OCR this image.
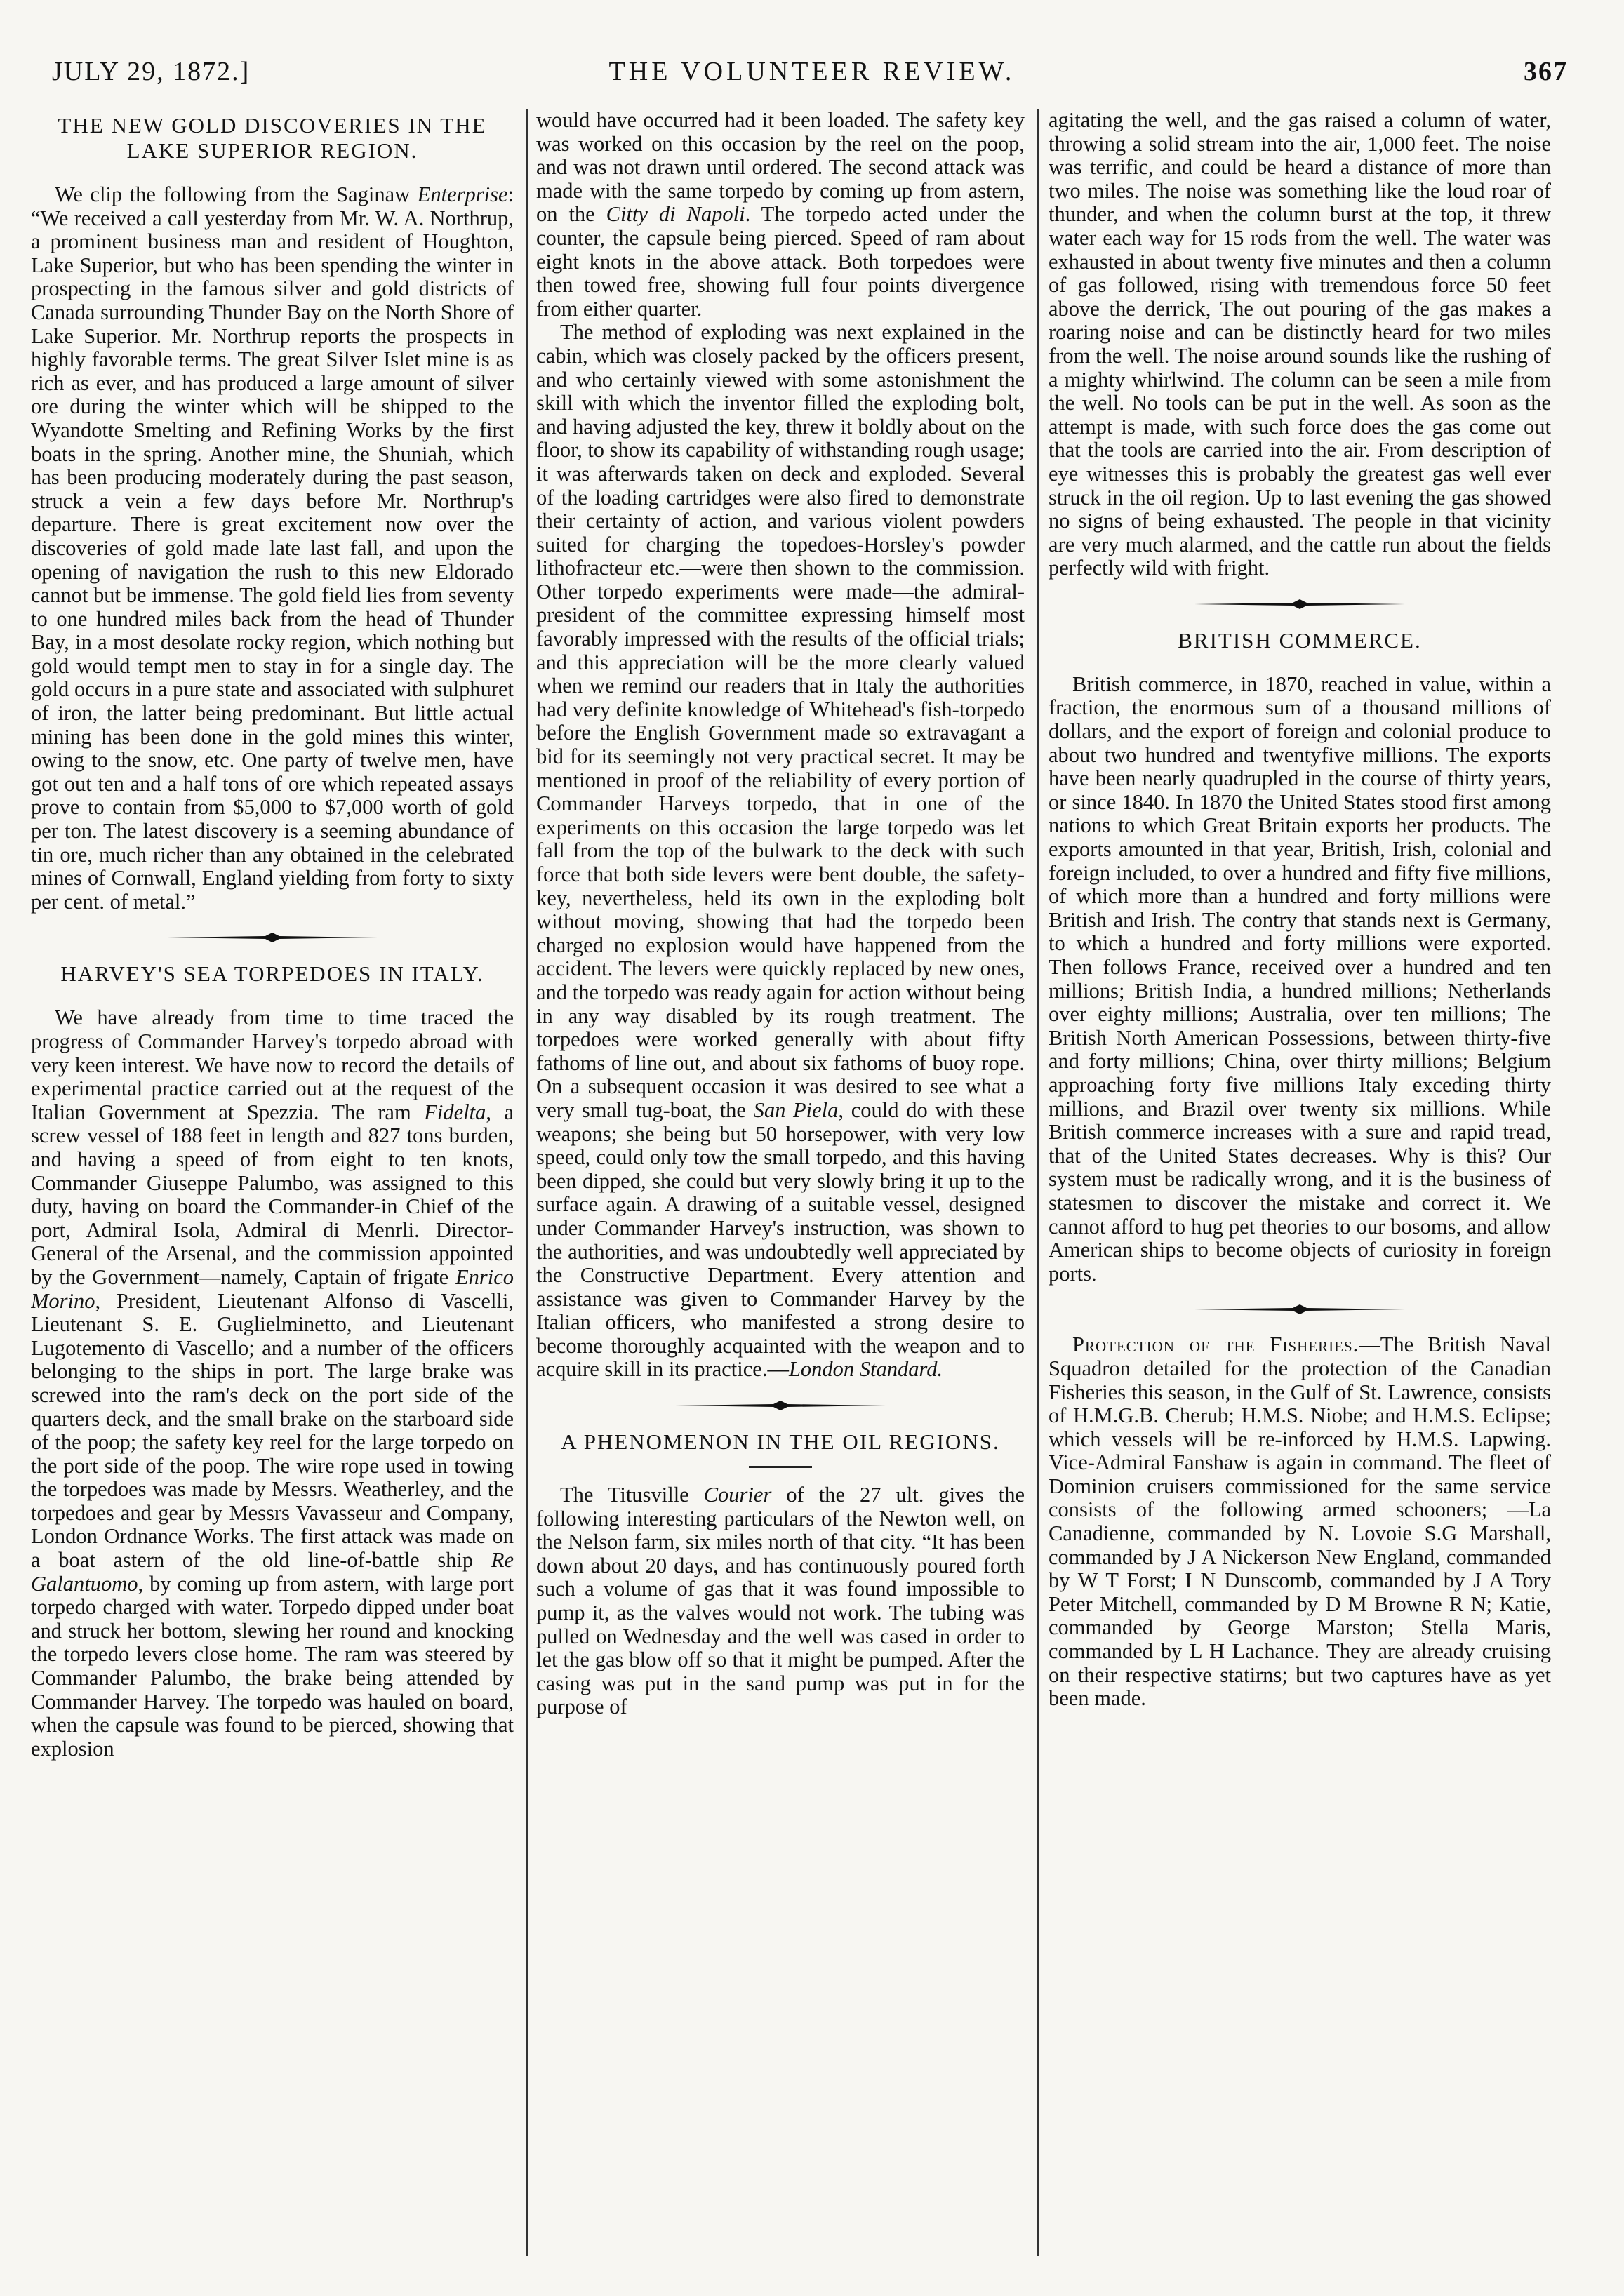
JULY 29, 1872.]	THE VOLUNTEER REVIEW.	367
THE NEW GOLD DISCOVERIES IN THE LAKE SUPERIOR REGION.

We clip the following from the Saginaw Enterprise: “We received a call yesterday from Mr. W. A. Northrup, a prominent business man and resident of Houghton, Lake Superior, but who has been spending the winter in prospecting in the famous silver and gold districts of Canada surrounding Thunder Bay on the North Shore of Lake Superior. Mr. Northrup reports the prospects in highly favorable terms. The great Silver Islet mine is as rich as ever, and has produced a large amount of silver ore during the winter which will be shipped to the Wyandotte Smelting and Refining Works by the first boats in the spring. Another mine, the Shuniah, which has been producing moderately during the past season, struck a vein a few days before Mr. Northrup's departure. There is great excitement now over the discoveries of gold made late last fall, and upon the opening of navigation the rush to this new Eldorado cannot but be immense. The gold field lies from seventy to one hundred miles back from the head of Thunder Bay, in a most desolate rocky region, which nothing but gold would tempt men to stay in for a single day. The gold occurs in a pure state and associated with sulphuret of iron, the latter being predominant. But little actual mining has been done in the gold mines this winter, owing to the snow, etc. One party of twelve men, have got out ten and a half tons of ore which repeated assays prove to contain from $5,000 to $7,000 worth of gold per ton. The latest discovery is a seeming abundance of tin ore, much richer than any obtained in the celebrated mines of Cornwall, England yielding from forty to sixty per cent. of metal.”

HARVEY'S SEA TORPEDOES IN ITALY.

We have already from time to time traced the progress of Commander Harvey's torpedo abroad with very keen interest. We have now to record the details of experimental practice carried out at the request of the Italian Government at Spezzia. The ram Fidelta, a screw vessel of 188 feet in length and 827 tons burden, and having a speed of from eight to ten knots, Commander Giuseppe Palumbo, was assigned to this duty, having on board the Commander-in Chief of the port, Admiral Isola, Admiral di Menrli. Director-General of the Arsenal, and the commission appointed by the Government—namely, Captain of frigate Enrico Morino, President, Lieutenant Alfonso di Vascelli, Lieutenant S. E. Guglielminetto, and Lieutenant Lugotemento di Vascello; and a number of the officers belonging to the ships in port. The large brake was screwed into the ram's deck on the port side of the quarters deck, and the small brake on the starboard side of the poop; the safety key reel for the large torpedo on the port side of the poop. The wire rope used in towing the torpedoes was made by Messrs. Weatherley, and the torpedoes and gear by Messrs Vavasseur and Company, London Ordnance Works. The first attack was made on a boat astern of the old line-of-battle ship Re Galantuomo, by coming up from astern, with large port torpedo charged with water. Torpedo dipped under boat and struck her bottom, slewing her round and knocking the torpedo levers close home. The ram was steered by Commander Palumbo, the brake being attended by Commander Harvey. The torpedo was hauled on board, when the capsule was found to be pierced, showing that explosion

would have occurred had it been loaded. The safety key was worked on this occasion by the reel on the poop, and was not drawn until ordered. The second attack was made with the same torpedo by coming up from astern, on the Citty di Napoli. The torpedo acted under the counter, the capsule being pierced. Speed of ram about eight knots in the above attack. Both torpedoes were then towed free, showing full four points divergence from either quarter.

The method of exploding was next explained in the cabin, which was closely packed by the officers present, and who certainly viewed with some astonishment the skill with which the inventor filled the exploding bolt, and having adjusted the key, threw it boldly about on the floor, to show its capability of withstanding rough usage; it was afterwards taken on deck and exploded. Several of the loading cartridges were also fired to demonstrate their certainty of action, and various violent powders suited for charging the topedoes-Horsley's powder lithofracteur etc.—were then shown to the commission. Other torpedo experiments were made—the admiral-president of the committee expressing himself most favorably impressed with the results of the official trials; and this appreciation will be the more clearly valued when we remind our readers that in Italy the authorities had very definite knowledge of Whitehead's fish-torpedo before the English Government made so extravagant a bid for its seemingly not very practical secret. It may be mentioned in proof of the reliability of every portion of Commander Harveys torpedo, that in one of the experiments on this occasion the large torpedo was let fall from the top of the bulwark to the deck with such force that both side levers were bent double, the safety-key, nevertheless, held its own in the exploding bolt without moving, showing that had the torpedo been charged no explosion would have happened from the accident. The levers were quickly replaced by new ones, and the torpedo was ready again for action without being in any way disabled by its rough treatment. The torpedoes were worked generally with about fifty fathoms of line out, and about six fathoms of buoy rope. On a subsequent occasion it was desired to see what a very small tug-boat, the San Piela, could do with these weapons; she being but 50 horsepower, with very low speed, could only tow the small torpedo, and this having been dipped, she could but very slowly bring it up to the surface again. A drawing of a suitable vessel, designed under Commander Harvey's instruction, was shown to the authorities, and was undoubtedly well appreciated by the Constructive Department. Every attention and assistance was given to Commander Harvey by the Italian officers, who manifested a strong desire to become thoroughly acquainted with the weapon and to acquire skill in its practice.—London Standard.

A PHENOMENON IN THE OIL REGIONS.

The Titusville Courier of the 27 ult. gives the following interesting particulars of the Newton well, on the Nelson farm, six miles north of that city. “It has been down about 20 days, and has continuously poured forth such a volume of gas that it was found impossible to pump it, as the valves would not work. The tubing was pulled on Wednesday and the well was cased in order to let the gas blow off so that it might be pumped. After the casing was put in the sand pump was put in for the purpose of

agitating the well, and the gas raised a column of water, throwing a solid stream into the air, 1,000 feet. The noise was terrific, and could be heard a distance of more than two miles. The noise was something like the loud roar of thunder, and when the column burst at the top, it threw water each way for 15 rods from the well. The water was exhausted in about twenty five minutes and then a column of gas followed, rising with tremendous force 50 feet above the derrick, The out pouring of the gas makes a roaring noise and can be distinctly heard for two miles from the well. The noise around sounds like the rushing of a mighty whirlwind. The column can be seen a mile from the well. No tools can be put in the well. As soon as the attempt is made, with such force does the gas come out that the tools are carried into the air. From description of eye witnesses this is probably the greatest gas well ever struck in the oil region. Up to last evening the gas showed no signs of being exhausted. The people in that vicinity are very much alarmed, and the cattle run about the fields perfectly wild with fright.

BRITISH COMMERCE.

British commerce, in 1870, reached in value, within a fraction, the enormous sum of a thousand millions of dollars, and the export of foreign and colonial produce to about two hundred and twentyfive millions. The exports have been nearly quadrupled in the course of thirty years, or since 1840. In 1870 the United States stood first among nations to which Great Britain exports her products. The exports amounted in that year, British, Irish, colonial and foreign included, to over a hundred and fifty five millions, of which more than a hundred and forty millions were British and Irish. The contry that stands next is Germany, to which a hundred and forty millions were exported. Then follows France, received over a hundred and ten millions; British India, a hundred millions; Netherlands over eighty millions; Australia, over ten millions; The British North American Possessions, between thirty-five and forty millions; China, over thirty millions; Belgium approaching forty five millions Italy exceding thirty millions, and Brazil over twenty six millions. While British commerce increases with a sure and rapid tread, that of the United States decreases. Why is this? Our system must be radically wrong, and it is the business of statesmen to discover the mistake and correct it. We cannot afford to hug pet theories to our bosoms, and allow American ships to become objects of curiosity in foreign ports.

Protection of the Fisheries.—The British Naval Squadron detailed for the protection of the Canadian Fisheries this season, in the Gulf of St. Lawrence, consists of H.M.G.B. Cherub; H.M.S. Niobe; and H.M.S. Eclipse; which vessels will be re-inforced by H.M.S. Lapwing. Vice-Admiral Fanshaw is again in command. The fleet of Dominion cruisers commissioned for the same service consists of the following armed schooners; —La Canadienne, commanded by N. Lovoie S.G Marshall, commanded by J A Nickerson New England, commanded by W T Forst; I N Dunscomb, commanded by J A Tory Peter Mitchell, commanded by D M Browne R N; Katie, commanded by George Marston; Stella Maris, commanded by L H Lachance. They are already cruising on their respective statirns; but two captures have as yet been made.
